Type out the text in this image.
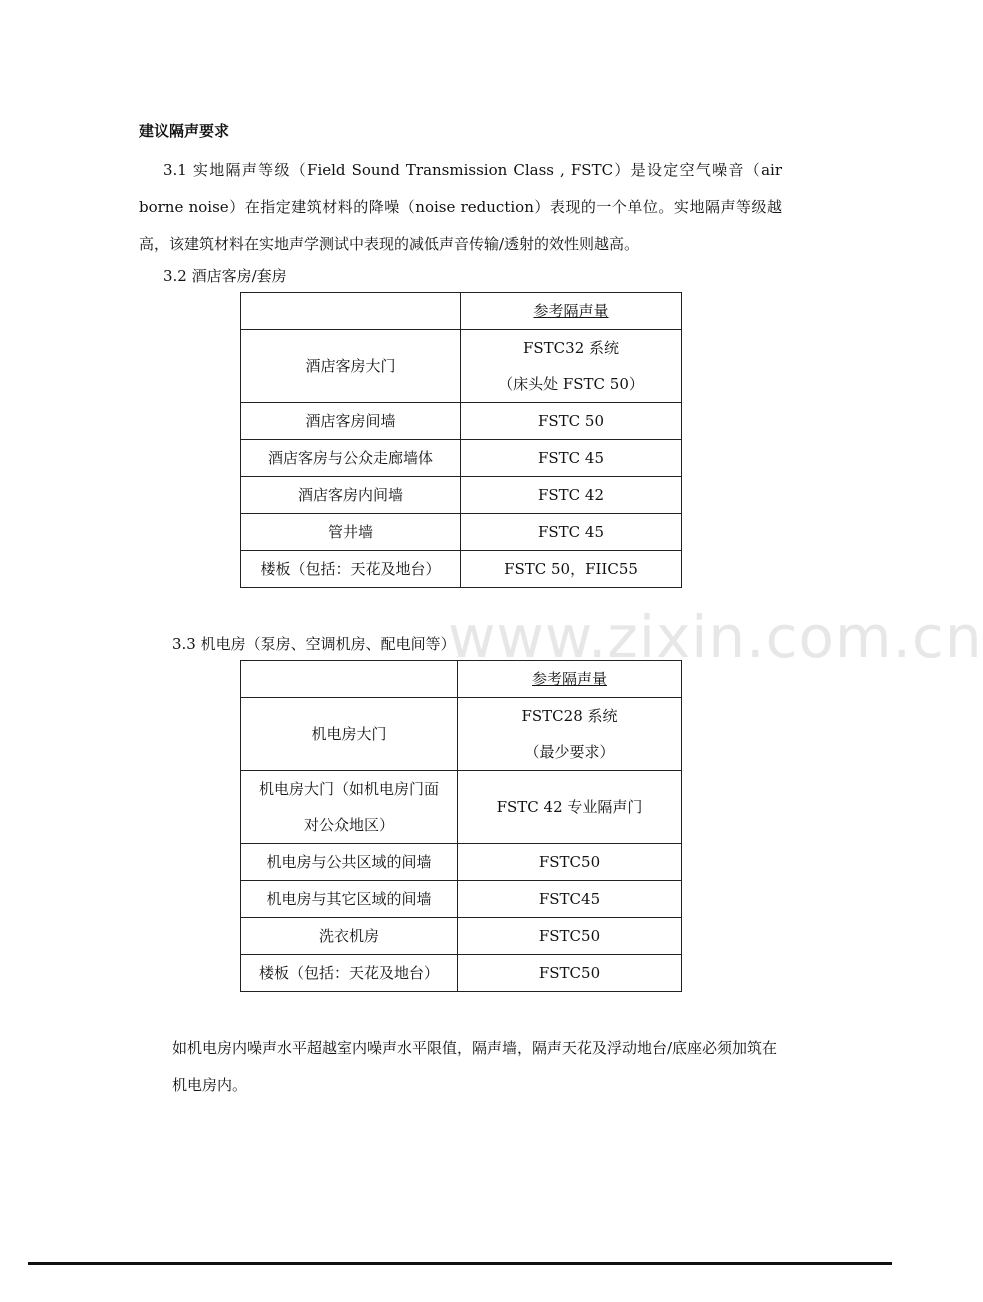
建议隔声要求
3.1 实地隔声等级（Field Sound Transmission Class , FSTC）是设定空气噪音（air borne noise）在指定建筑材料的降噪（noise reduction）表现的一个单位。实地隔声等级越高，该建筑材料在实地声学测试中表现的减低声音传输/透射的效性则越高。
3.2 酒店客房/套房
	参考隔声量
酒店客房大门	FSTC32 系统
（床头处 FSTC 50）

酒店客房间墙	FSTC 50
酒店客房与公众走廊墙体	FSTC 45
酒店客房内间墙	FSTC 42
管井墙	FSTC 45
楼板（包括：天花及地台）	FSTC 50，FIIC55
www.zixin.com.cn
3.3 机电房（泵房、空调机房、配电间等）
	参考隔声量
机电房大门	FSTC28 系统
（最少要求）

机电房大门（如机电房门面
对公众地区）	FSTC 42 专业隔声门
机电房与公共区域的间墙	FSTC50
机电房与其它区域的间墙	FSTC45
洗衣机房	FSTC50
楼板（包括：天花及地台）	FSTC50
如机电房内噪声水平超越室内噪声水平限值，隔声墙，隔声天花及浮动地台/底座必须加筑在机电房内。
